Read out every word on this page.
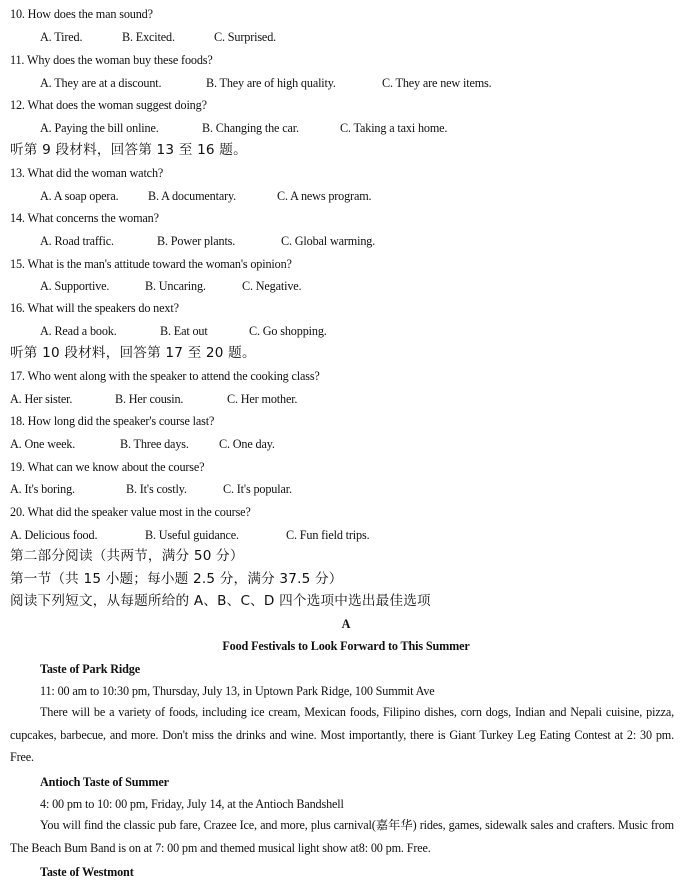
10. How does the man sound?
A. Tired.	B. Excited.	C. Surprised.
11. Why does the woman buy these foods?
A. They are at a discount.	B. They are of high quality.	C. They are new items.
12. What does the woman suggest doing?
A. Paying the bill online.	B. Changing the car.	C. Taking a taxi home.
听第 9 段材料，回答第 13 至 16 题。
13. What did the woman watch?
A. A soap opera. B. A documentary.	C. A news program.
14. What concerns the woman?
A. Road traffic.	B. Power plants.	C. Global warming.
15. What is the man's attitude toward the woman's opinion?
A. Supportive.	B. Uncaring.	C. Negative.
16. What will the speakers do next?
A. Read a book.	B. Eat out	C. Go shopping.
听第 10 段材料，回答第 17 至 20 题。
17. Who went along with the speaker to attend the cooking class?
A. Her sister.	B. Her cousin.	C. Her mother.
18. How long did the speaker's course last?
A. One week.	B. Three days. C. One day.
19. What can we know about the course?
A. It's boring.	B. It's costly.	C. It's popular.
20. What did the speaker value most in the course?
A. Delicious food.	B. Useful guidance.	C. Fun field trips.
第二部分阅读（共两节，满分 50 分）
第一节（共 15 小题；每小题 2.5 分，满分 37.5 分）
阅读下列短文，从每题所给的 A、B、C、D 四个选项中选出最佳选项
A
Food Festivals to Look Forward to This Summer
Taste of Park Ridge
11: 00 am to 10:30 pm, Thursday, July 13, in Uptown Park Ridge, 100 Summit Ave
There will be a variety of foods, including ice cream, Mexican foods, Filipino dishes, corn dogs, Indian and Nepali cuisine, pizza, cupcakes, barbecue, and more. Don't miss the drinks and wine. Most importantly, there is Giant Turkey Leg Eating Contest at 2: 30 pm. Free.
Antioch Taste of Summer
4: 00 pm to 10: 00 pm, Friday, July 14, at the Antioch Bandshell
You will find the classic pub fare, Crazee Ice, and more, plus carnival(嘉年华) rides, games, sidewalk sales and crafters. Music from The Beach Bum Band is on at 7: 00 pm and themed musical light show at8: 00 pm. Free.
Taste of Westmont
